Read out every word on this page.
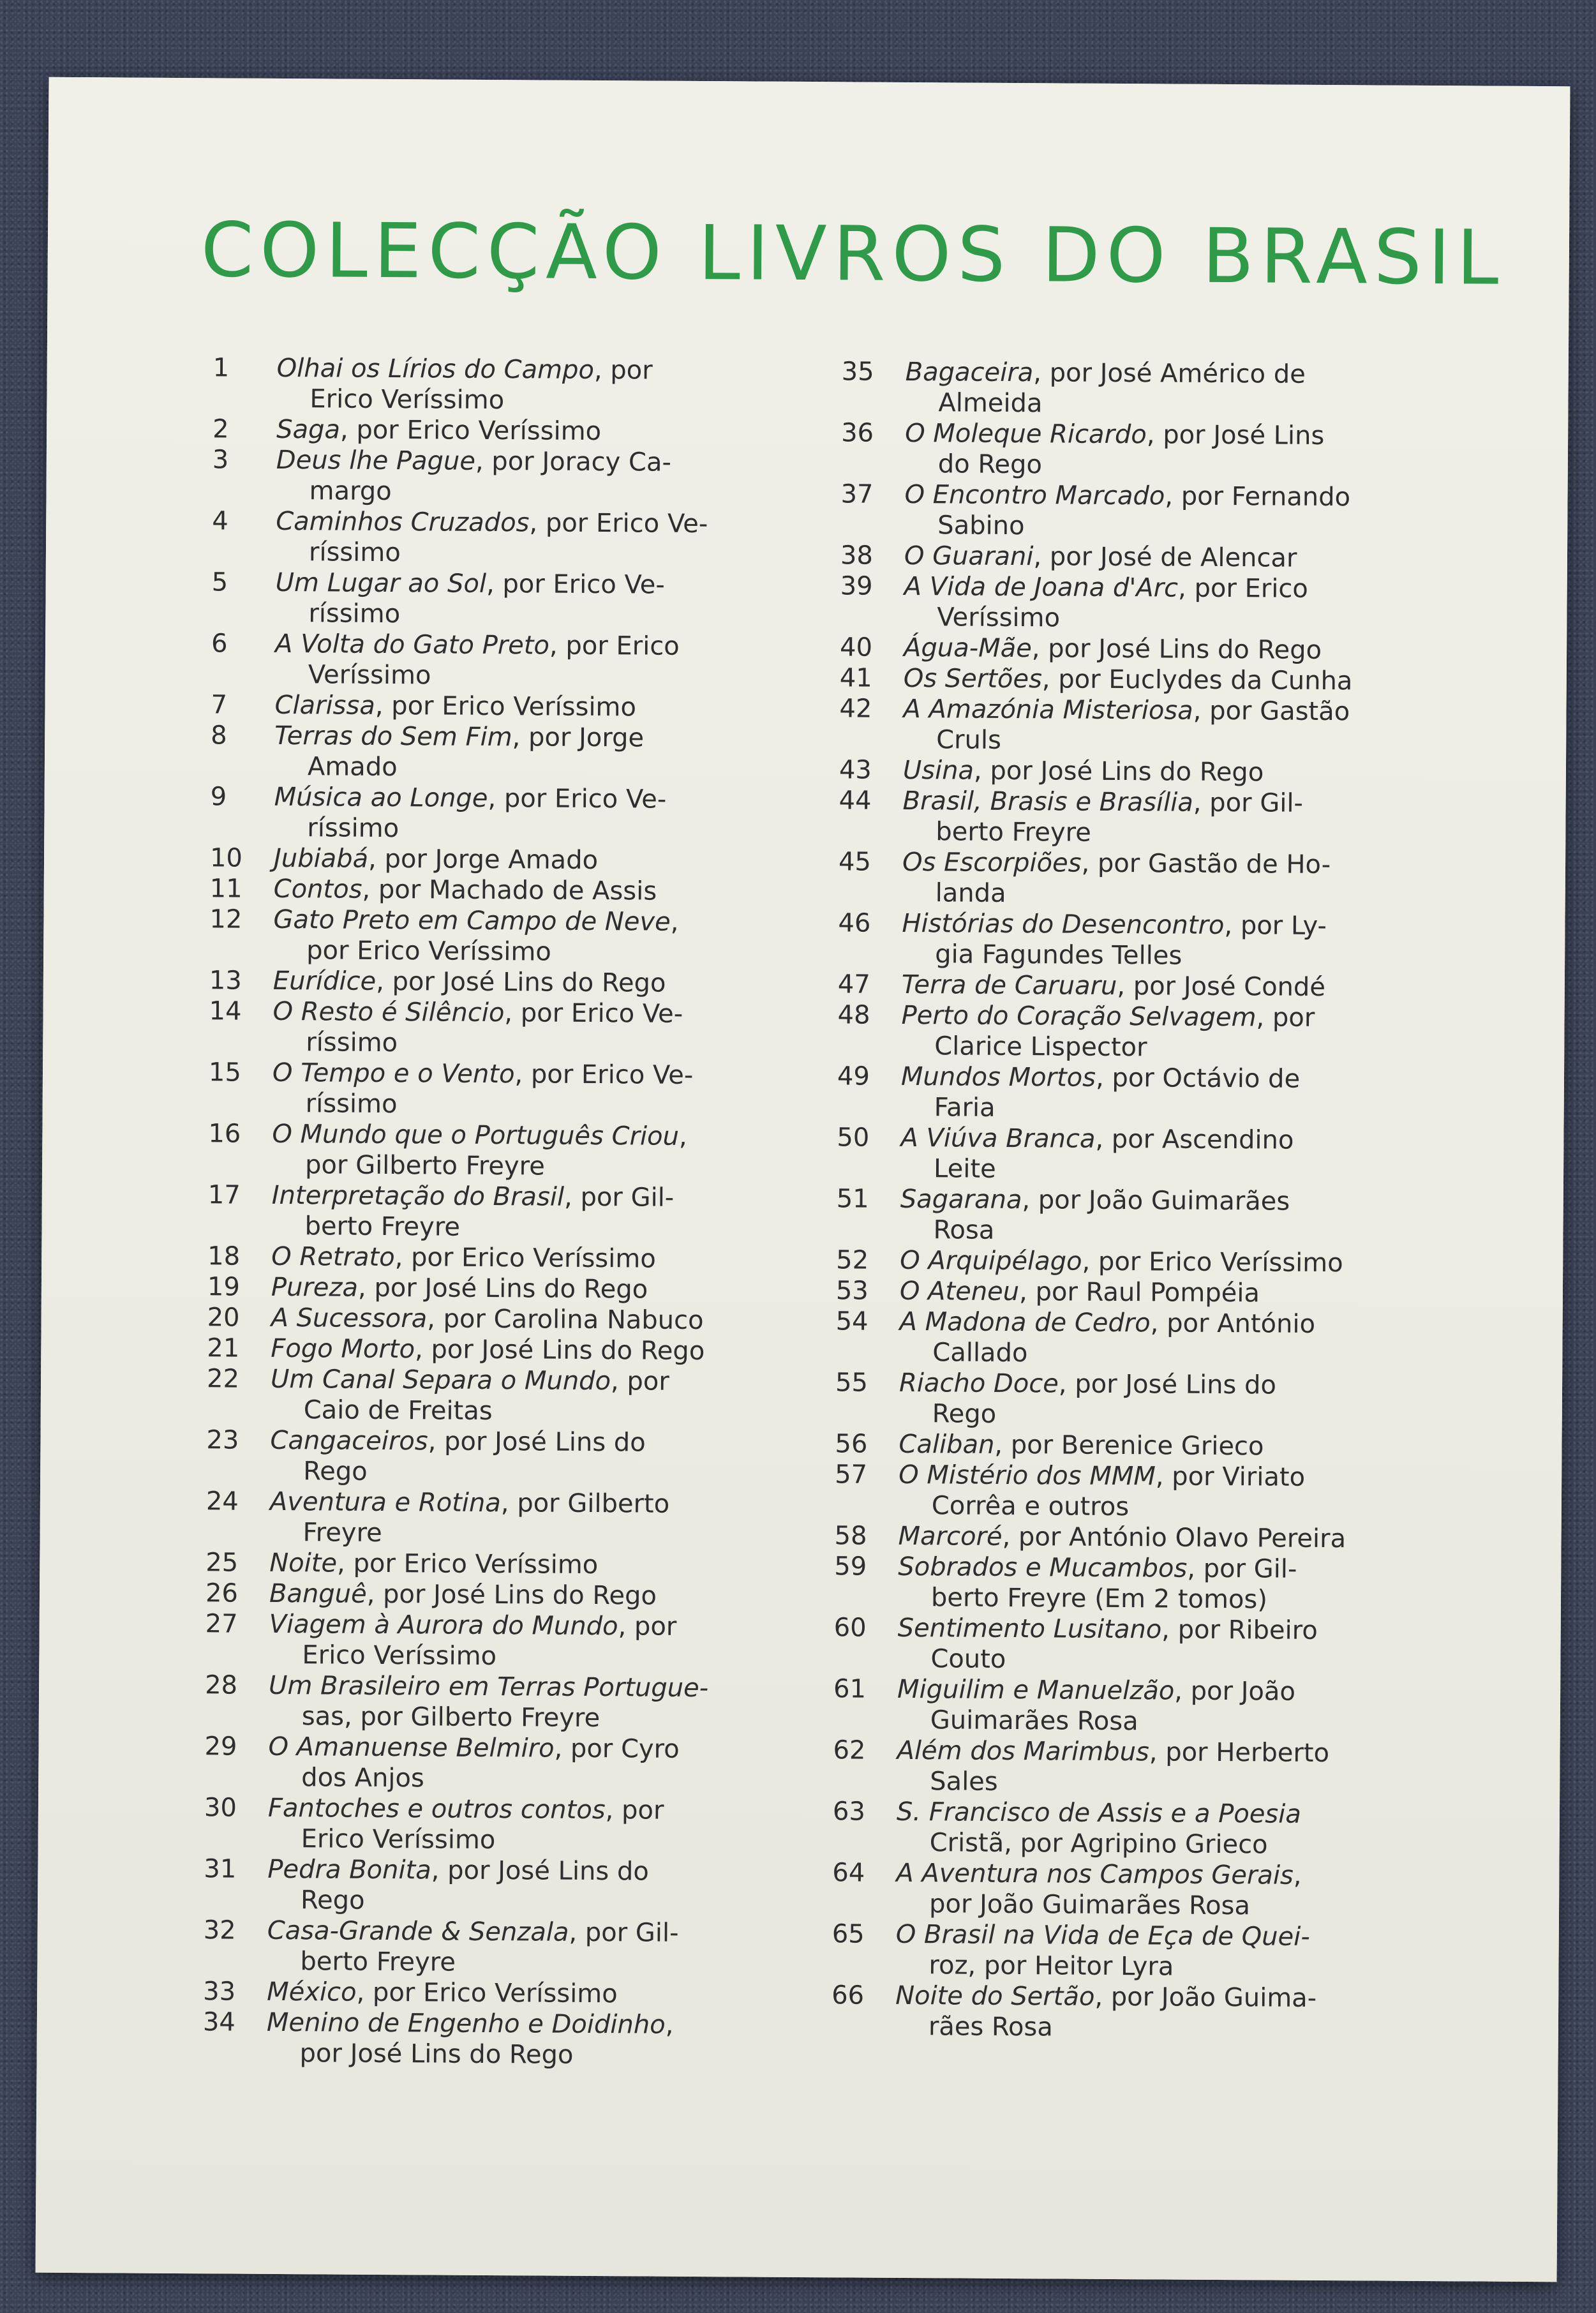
COLECÇÃO LIVROS DO BRASIL
1	Olhai os Lírios do Campo, por
Erico Veríssimo
2	Saga, por Erico Veríssimo
3	Deus lhe Pague, por Joracy Ca-
margo
4	Caminhos Cruzados, por Erico Ve-
ríssimo
5	Um Lugar ao Sol, por Erico Ve-
ríssimo
6	A Volta do Gato Preto, por Erico
Veríssimo
7	Clarissa, por Erico Veríssimo
8	Terras do Sem Fim, por Jorge
Amado
9	Música ao Longe, por Erico Ve-
ríssimo
10	Jubiabá, por Jorge Amado
11	Contos, por Machado de Assis
12	Gato Preto em Campo de Neve,
por Erico Veríssimo
13	Eurídice, por José Lins do Rego
14	O Resto é Silêncio, por Erico Ve-
ríssimo
15	O Tempo e o Vento, por Erico Ve-
ríssimo
16	O Mundo que o Português Criou,
por Gilberto Freyre
17	Interpretação do Brasil, por Gil-
berto Freyre
18	O Retrato, por Erico Veríssimo
19	Pureza, por José Lins do Rego
20	A Sucessora, por Carolina Nabuco
21	Fogo Morto, por José Lins do Rego
22	Um Canal Separa o Mundo, por
Caio de Freitas
23	Cangaceiros, por José Lins do
Rego
24	Aventura e Rotina, por Gilberto
Freyre
25	Noite, por Erico Veríssimo
26	Banguê, por José Lins do Rego
27	Viagem à Aurora do Mundo, por
Erico Veríssimo
28	Um Brasileiro em Terras Portugue-
sas, por Gilberto Freyre
29	O Amanuense Belmiro, por Cyro
dos Anjos
30	Fantoches e outros contos, por
Erico Veríssimo
31	Pedra Bonita, por José Lins do
Rego
32	Casa-Grande & Senzala, por Gil-
berto Freyre
33	México, por Erico Veríssimo
34	Menino de Engenho e Doidinho,
por José Lins do Rego
35	Bagaceira, por José Américo de
Almeida
36	O Moleque Ricardo, por José Lins
do Rego
37	O Encontro Marcado, por Fernando
Sabino
38	O Guarani, por José de Alencar
39	A Vida de Joana d'Arc, por Erico
Veríssimo
40	Água-Mãe, por José Lins do Rego
41	Os Sertões, por Euclydes da Cunha
42	A Amazónia Misteriosa, por Gastão
Cruls
43	Usina, por José Lins do Rego
44	Brasil, Brasis e Brasília, por Gil-
berto Freyre
45	Os Escorpiões, por Gastão de Ho-
landa
46	Histórias do Desencontro, por Ly-
gia Fagundes Telles
47	Terra de Caruaru, por José Condé
48	Perto do Coração Selvagem, por
Clarice Lispector
49	Mundos Mortos, por Octávio de
Faria
50	A Viúva Branca, por Ascendino
Leite
51	Sagarana, por João Guimarães
Rosa
52	O Arquipélago, por Erico Veríssimo
53	O Ateneu, por Raul Pompéia
54	A Madona de Cedro, por António
Callado
55	Riacho Doce, por José Lins do
Rego
56	Caliban, por Berenice Grieco
57	O Mistério dos MMM, por Viriato
Corrêa e outros
58	Marcoré, por António Olavo Pereira
59	Sobrados e Mucambos, por Gil-
berto Freyre (Em 2 tomos)
60	Sentimento Lusitano, por Ribeiro
Couto
61	Miguilim e Manuelzão, por João
Guimarães Rosa
62	Além dos Marimbus, por Herberto
Sales
63	S. Francisco de Assis e a Poesia
Cristã, por Agripino Grieco
64	A Aventura nos Campos Gerais,
por João Guimarães Rosa
65	O Brasil na Vida de Eça de Quei-
roz, por Heitor Lyra
66	Noite do Sertão, por João Guima-
rães Rosa
